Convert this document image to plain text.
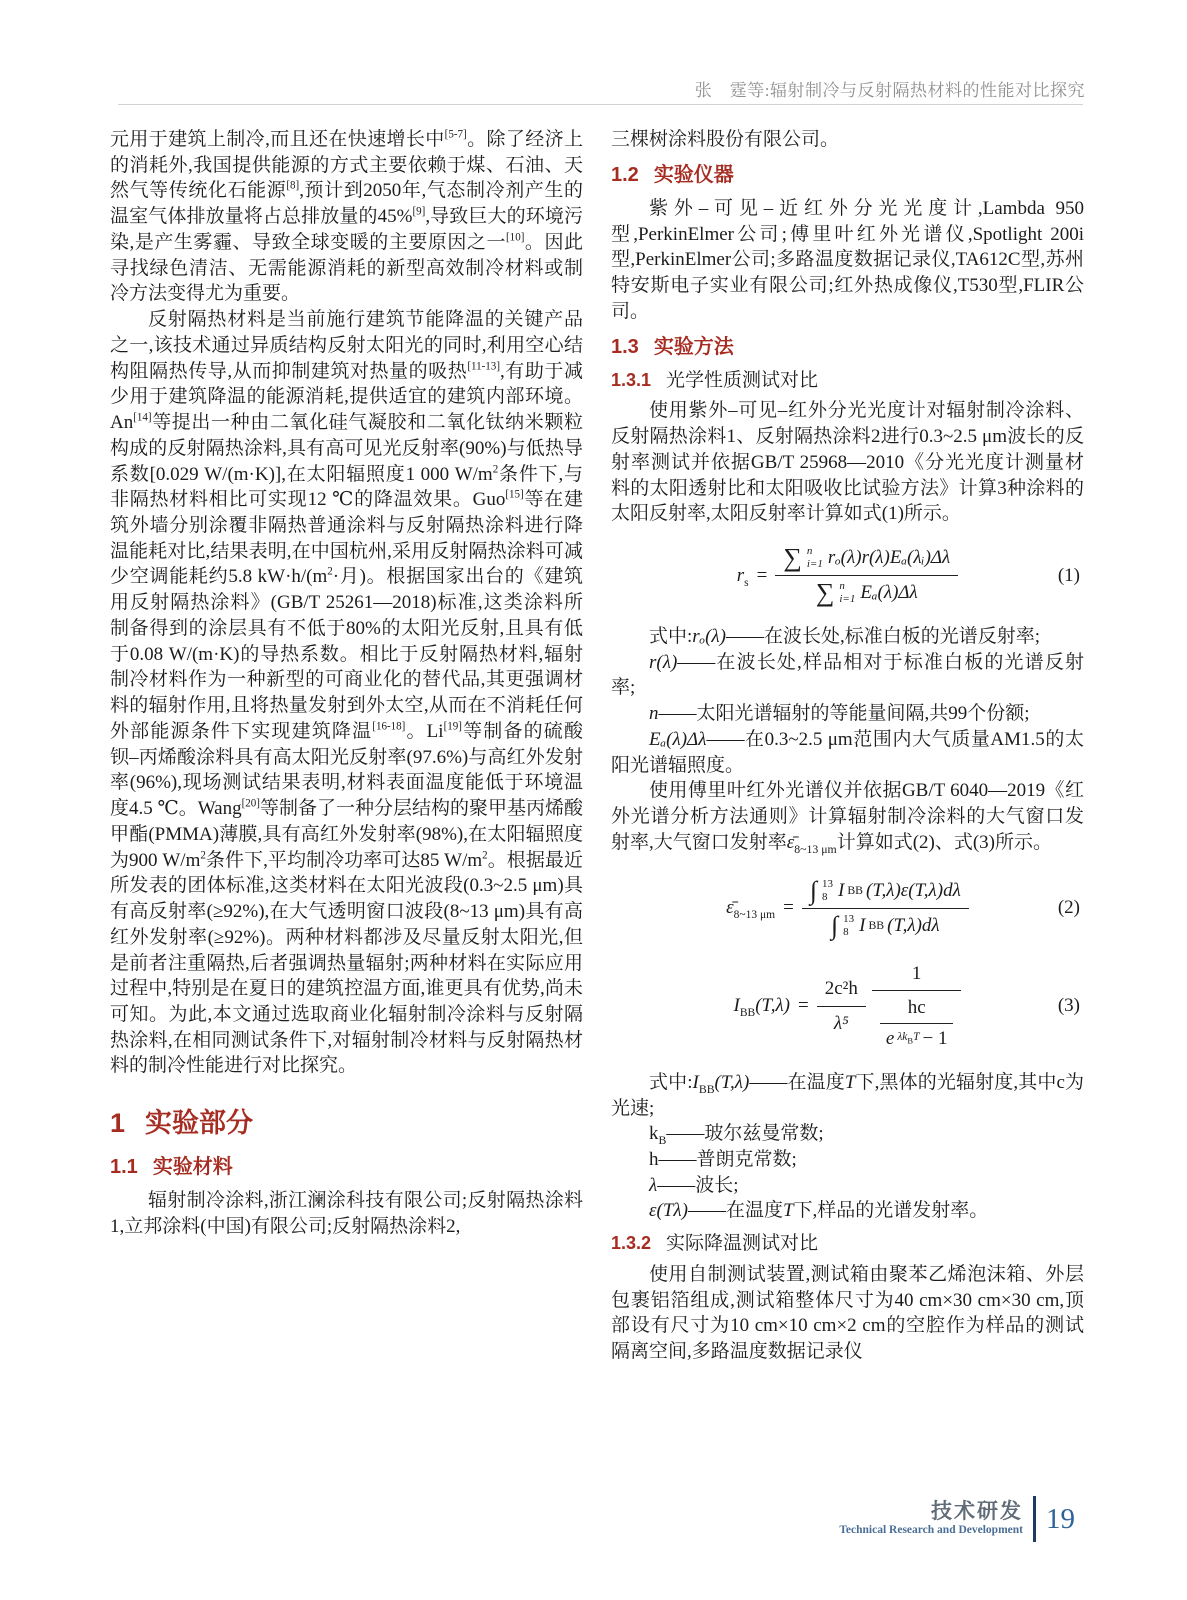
张　霆等:辐射制冷与反射隔热材料的性能对比探究

元用于建筑上制冷,而且还在快速增长中[5-7]。除了经济上的消耗外,我国提供能源的方式主要依赖于煤、石油、天然气等传统化石能源[8],预计到2050年,气态制冷剂产生的温室气体排放量将占总排放量的45%[9],导致巨大的环境污染,是产生雾霾、导致全球变暖的主要原因之一[10]。因此寻找绿色清洁、无需能源消耗的新型高效制冷材料或制冷方法变得尤为重要。

反射隔热材料是当前施行建筑节能降温的关键产品之一,该技术通过异质结构反射太阳光的同时,利用空心结构阻隔热传导,从而抑制建筑对热量的吸热[11-13],有助于减少用于建筑降温的能源消耗,提供适宜的建筑内部环境。An[14]等提出一种由二氧化硅气凝胶和二氧化钛纳米颗粒构成的反射隔热涂料,具有高可见光反射率(90%)与低热导系数[0.029 W/(m·K)],在太阳辐照度1 000 W/m$^2$条件下,与非隔热材料相比可实现12 ℃的降温效果。Guo[15]等在建筑外墙分别涂覆非隔热普通涂料与反射隔热涂料进行降温能耗对比,结果表明,在中国杭州,采用反射隔热涂料可减少空调能耗约5.8 kW·h/(m$^2$·月)。根据国家出台的《建筑用反射隔热涂料》(GB/T 25261—2018)标准,这类涂料所制备得到的涂层具有不低于80%的太阳光反射,且具有低于0.08 W/(m·K)的导热系数。相比于反射隔热材料,辐射制冷材料作为一种新型的可商业化的替代品,其更强调材料的辐射作用,且将热量发射到外太空,从而在不消耗任何外部能源条件下实现建筑降温[16-18]。Li[19]等制备的硫酸钡–丙烯酸涂料具有高太阳光反射率(97.6%)与高红外发射率(96%),现场测试结果表明,材料表面温度能低于环境温度4.5 ℃。Wang[20]等制备了一种分层结构的聚甲基丙烯酸甲酯(PMMA)薄膜,具有高红外发射率(98%),在太阳辐照度为900 W/m$^2$条件下,平均制冷功率可达85 W/m$^2$。根据最近所发表的团体标准,这类材料在太阳光波段(0.3~2.5 μm)具有高反射率(≥92%),在大气透明窗口波段(8~13 μm)具有高红外发射率(≥92%)。两种材料都涉及尽量反射太阳光,但是前者注重隔热,后者强调热量辐射;两种材料在实际应用过程中,特别是在夏日的建筑控温方面,谁更具有优势,尚未可知。为此,本文通过选取商业化辐射制冷涂料与反射隔热涂料,在相同测试条件下,对辐射制冷材料与反射隔热材料的制冷性能进行对比探究。

1 实验部分
1.1 实验材料

辐射制冷涂料,浙江澜涂科技有限公司;反射隔热涂料1,立邦涂料(中国)有限公司;反射隔热涂料2,

三棵树涂料股份有限公司。

1.2 实验仪器

紫外–可见–近红外分光光度计,Lambda 950型,PerkinElmer公司;傅里叶红外光谱仪,Spotlight 200i型,PerkinElmer公司;多路温度数据记录仪,TA612C型,苏州特安斯电子实业有限公司;红外热成像仪,T530型,FLIR公司。

1.3 实验方法
1.3.1 光学性质测试对比

使用紫外–可见–红外分光光度计对辐射制冷涂料、反射隔热涂料1、反射隔热涂料2进行0.3~2.5 μm波长的反射率测试并依据GB/T 25968—2010《分光光度计测量材料的太阳透射比和太阳吸收比试验方法》计算3种涂料的太阳反射率,太阳反射率计算如式(1)所示。

$r_s$ = ∑ n
i=1 rₒ(λ)r(λ)Eₐ(λᵢ)Δλ
∑ n
i=1 Eₐ(λ)Δλ	(1)

式中:rₒ(λ)——在波长处,标准白板的光谱反射率;

r(λ)——在波长处,样品相对于标准白板的光谱反射率;

n——太阳光谱辐射的等能量间隔,共99个份额;

Eₐ(λ)Δλ——在0.3~2.5 μm范围内大气质量AM1.5的太阳光谱辐照度。

使用傅里叶红外光谱仪并依据GB/T 6040—2019《红外光谱分析方法通则》计算辐射制冷涂料的大气窗口发射率,大气窗口发射率$\varepsilon̄_{8\sim 13 \mu m}$计算如式(2)、式(3)所示。

$\varepsilon̄_{8\sim 13 \mu m}$ =
∫ 13
8 I BB (T,λ)ε(T,λ)dλ
∫ 13
8 I BB (T,λ)dλ
(2)
$I_{BB}(T,\lambda) = \frac{\text{2c²h}}{\text{λ⁵}}$
1
$\frac{hc}{e \lambda k_BT - 1}$	(3)

式中$:I_{BB}(T,\lambda)——$在温度T下,黑体的光辐射度,其中c为光速;

$k_B——$玻尔兹曼常数;

h——普朗克常数;

λ——波长;

ε(Tλ)——在温度T下,样品的光谱发射率。

1.3.2 实际降温测试对比

使用自制测试装置,测试箱由聚苯乙烯泡沫箱、外层包裹铝箔组成,测试箱整体尺寸为40 cm×30 cm×30 cm,顶部设有尺寸为10 cm×10 cm×2 cm的空腔作为样品的测试隔离空间,多路温度数据记录仪

技术研发
Technical Research and Development 19
